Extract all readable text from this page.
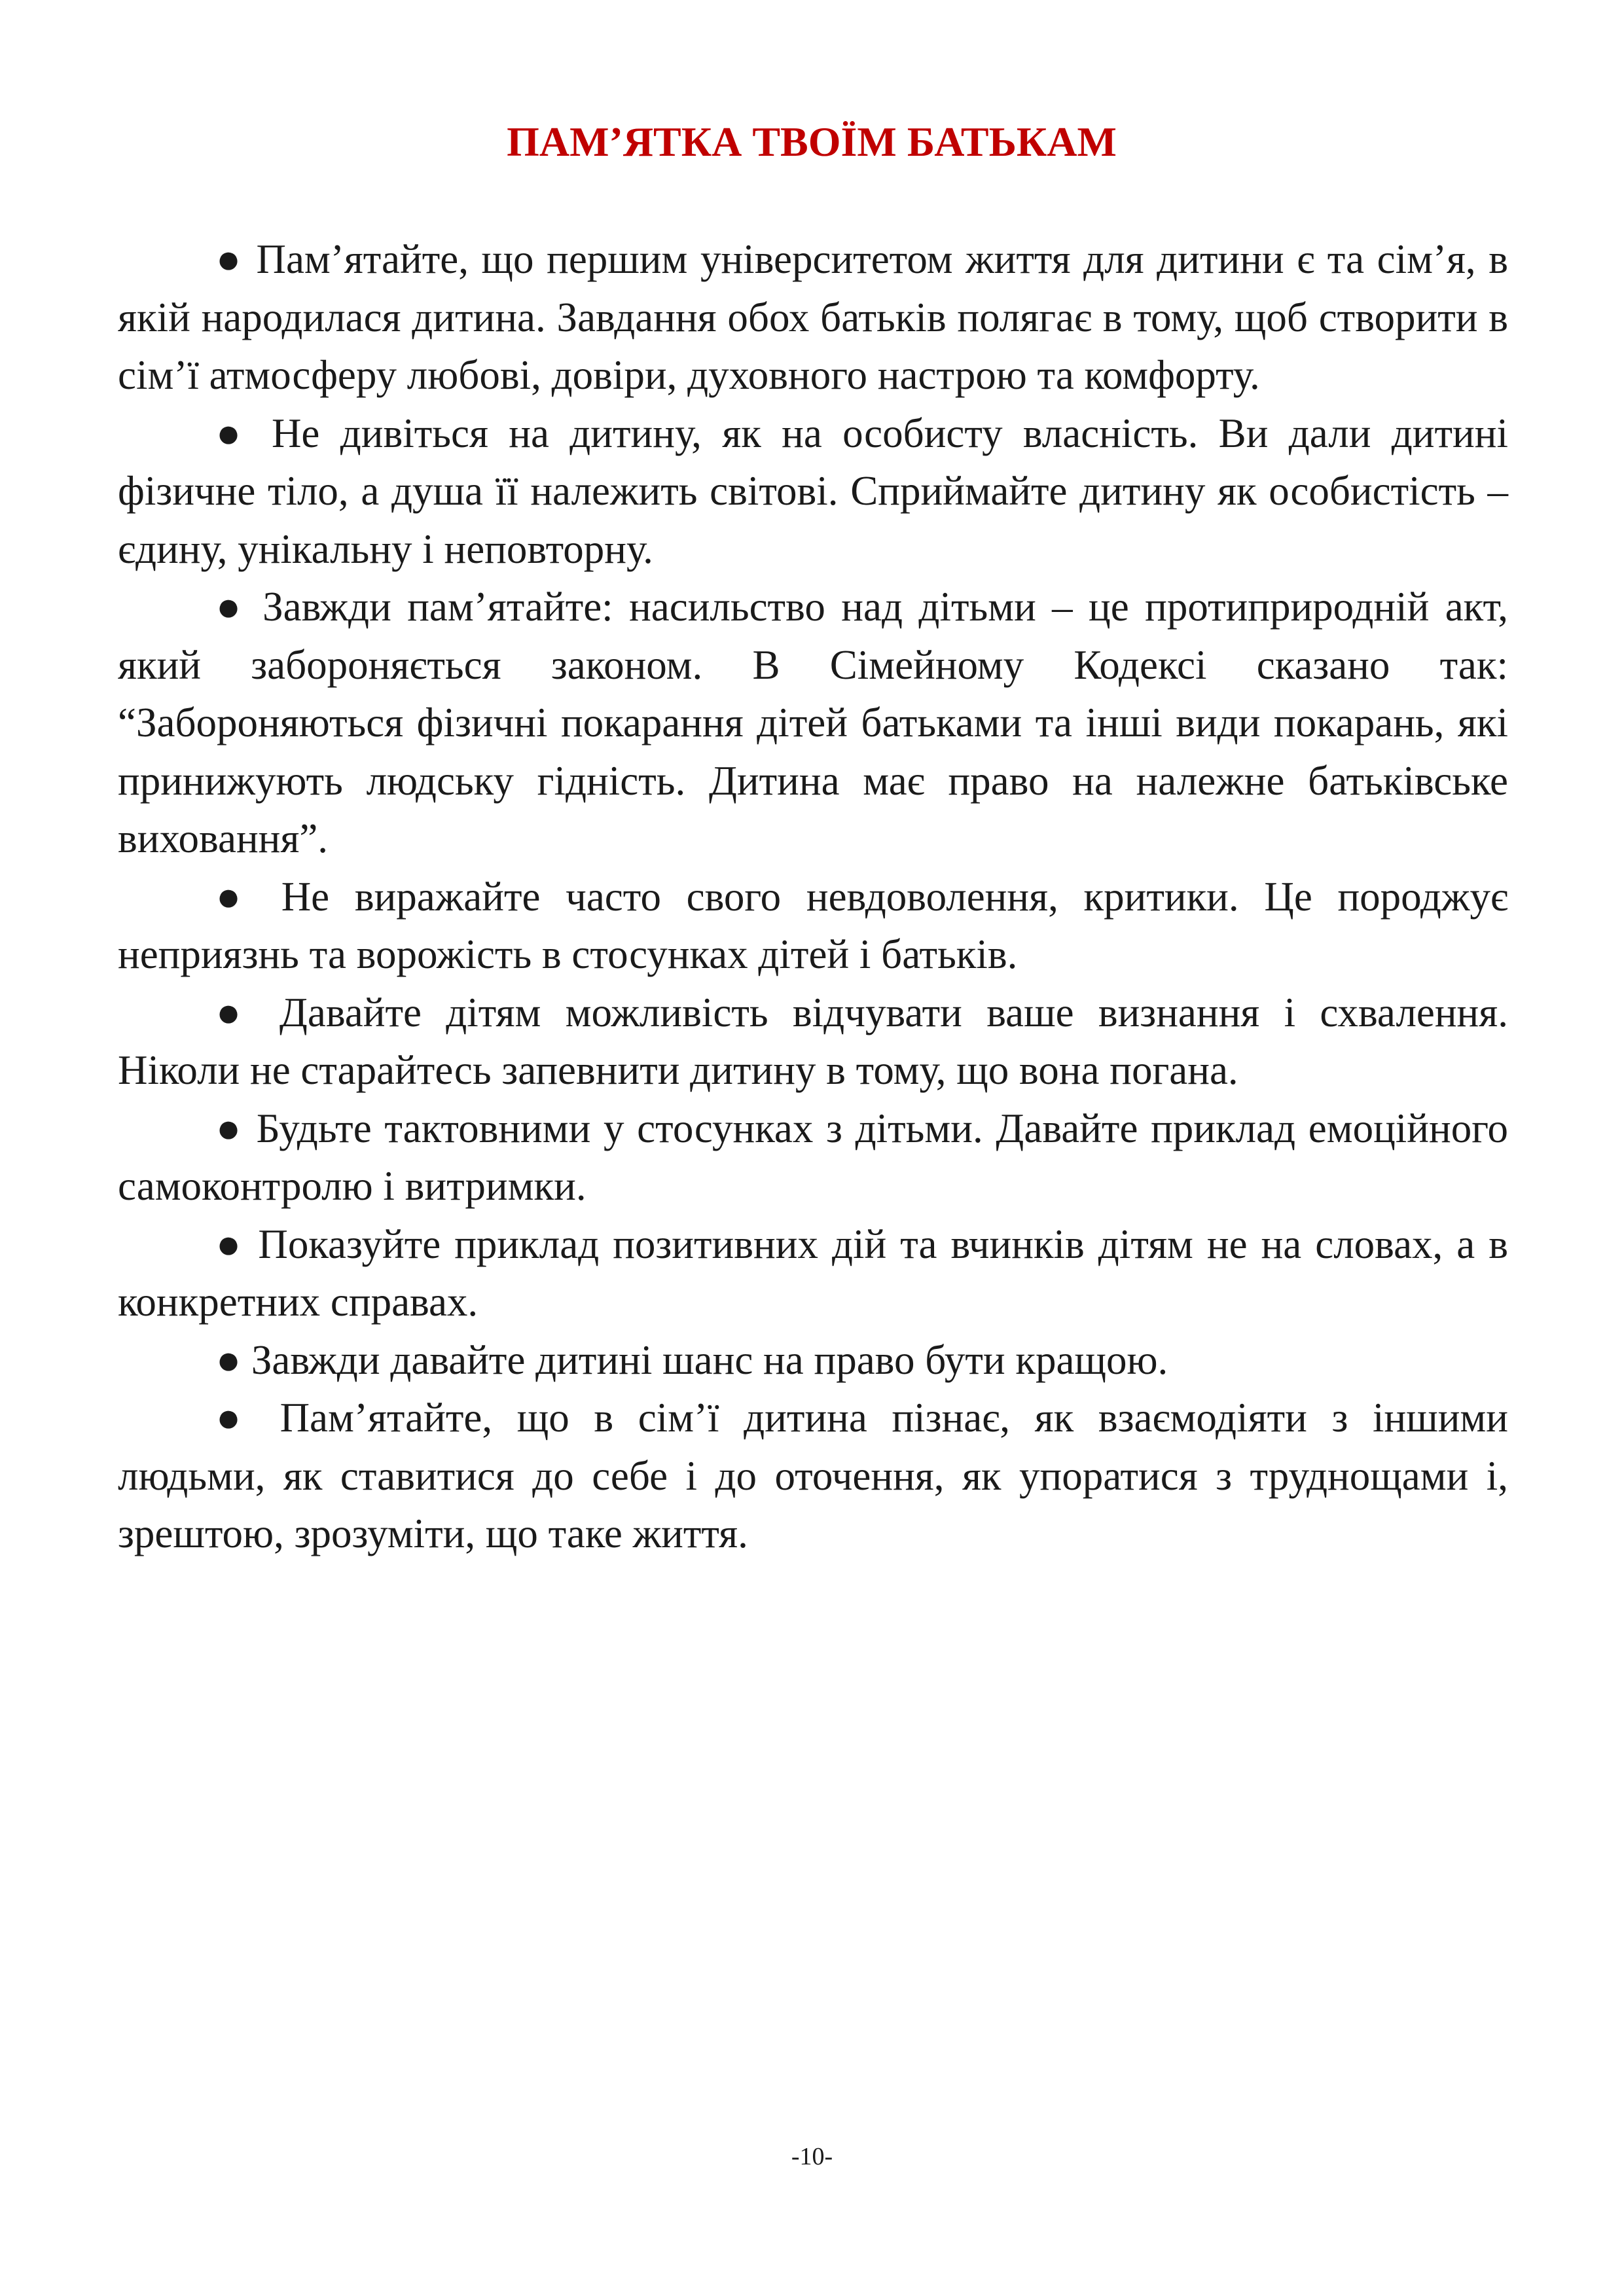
ПАМ’ЯТКА ТВОЇМ БАТЬКАМ

● Пам’ятайте, що першим університетом життя для дитини є та сім’я, в якій народилася дитина. Завдання обох батьків полягає в тому, щоб створити в сім’ї атмосферу любові, довіри, духовного настрою та комфорту.

● Не дивіться на дитину, як на особисту власність. Ви дали дитині фізичне тіло, а душа її належить світові. Сприймайте дитину як особистість – єдину, унікальну і неповторну.

● Завжди пам’ятайте: насильство над дітьми – це протиприродній акт, який забороняється законом. В Сімейному Кодексі сказано так: “Забороняються фізичні покарання дітей батьками та інші види покарань, які принижують людську гідність. Дитина має право на належне батьківське виховання”.

● Не виражайте часто свого невдоволення, критики. Це породжує неприязнь та ворожість в стосунках дітей і батьків.

● Давайте дітям можливість відчувати ваше визнання і схвалення. Ніколи не старайтесь запевнити дитину в тому, що вона погана.

● Будьте тактовними у стосунках з дітьми. Давайте приклад емоційного самоконтролю і витримки.

● Показуйте приклад позитивних дій та вчинків дітям не на словах, а в конкретних справах.

● Завжди давайте дитині шанс на право бути кращою.

● Пам’ятайте, що в сім’ї дитина пізнає, як взаємодіяти з іншими людьми, як ставитися до себе і до оточення, як упоратися з труднощами і, зрештою, зрозуміти, що таке життя.

-10-
